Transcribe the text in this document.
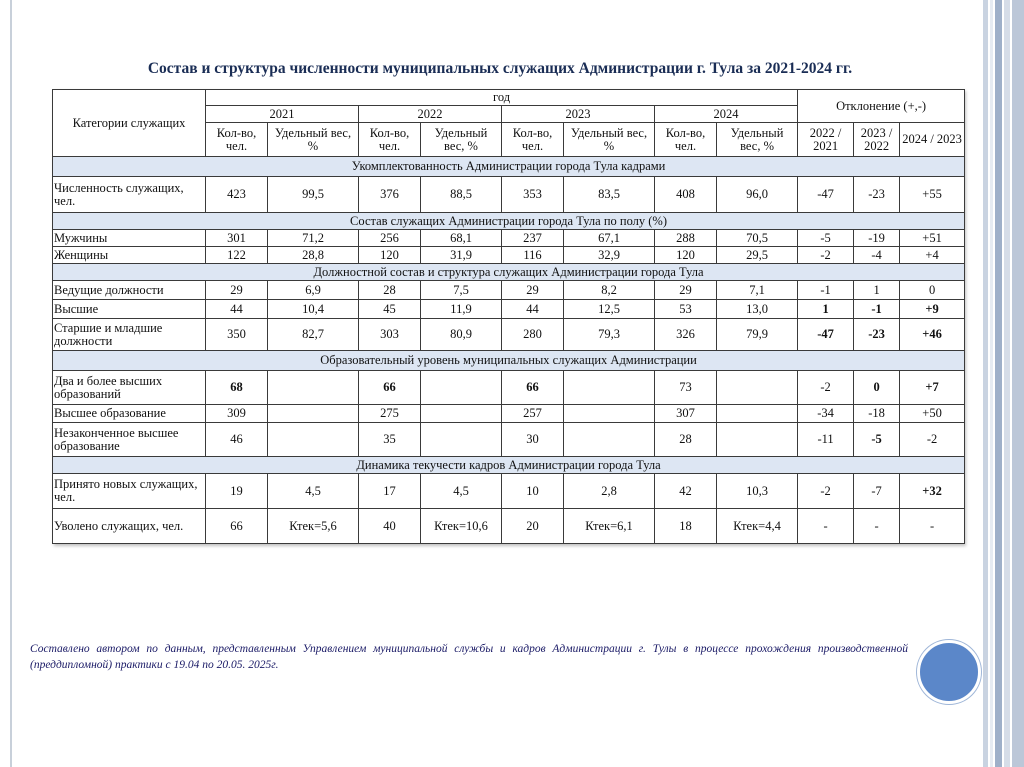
Состав и структура численности муниципальных служащих Администрации г. Тула за 2021-2024 гг.
Категории служащих	год								Отклонение (+,-)		
	2021		2022		2023		2024				
	Кол-во, чел.	Удельный вес, %	Кол-во, чел.	Удельный вес, %	Кол-во, чел.	Удельный вес, %	Кол-во, чел.	Удельный вес, %	2022 / 2021	2023 / 2022	2024 / 2023
Укомплектованность Администрации города Тула кадрами											
Численность служащих, чел.	423	99,5	376	88,5	353	83,5	408	96,0	-47	-23	+55
Состав служащих Администрации города Тула по полу (%)											
Мужчины	301	71,2	256	68,1	237	67,1	288	70,5	-5	-19	+51
Женщины	122	28,8	120	31,9	116	32,9	120	29,5	-2	-4	+4
Должностной состав и структура служащих Администрации города Тула											
Ведущие должности	29	6,9	28	7,5	29	8,2	29	7,1	-1	1	0
Высшие	44	10,4	45	11,9	44	12,5	53	13,0	1	-1	+9
Старшие и младшие должности	350	82,7	303	80,9	280	79,3	326	79,9	-47	-23	+46
Образовательный уровень муниципальных служащих Администрации											
Два и более высших образований	68		66		66		73		-2	0	+7
Высшее образование	309		275		257		307		-34	-18	+50
Незаконченное высшее образование	46		35		30		28		-11	-5	-2
Динамика текучести кадров Администрации города Тула											
Принято новых служащих, чел.	19	4,5	17	4,5	10	2,8	42	10,3	-2	-7	+32
Уволено служащих, чел.	66	Ктек=5,6	40	Ктек=10,6	20	Ктек=6,1	18	Ктек=4,4	-	-	-
Составлено автором по данным, представленным Управлением муниципальной службы и кадров Администрации г. Тулы в процессе прохождения производственной (преддипломной) практики с 19.04 по 20.05. 2025г.
